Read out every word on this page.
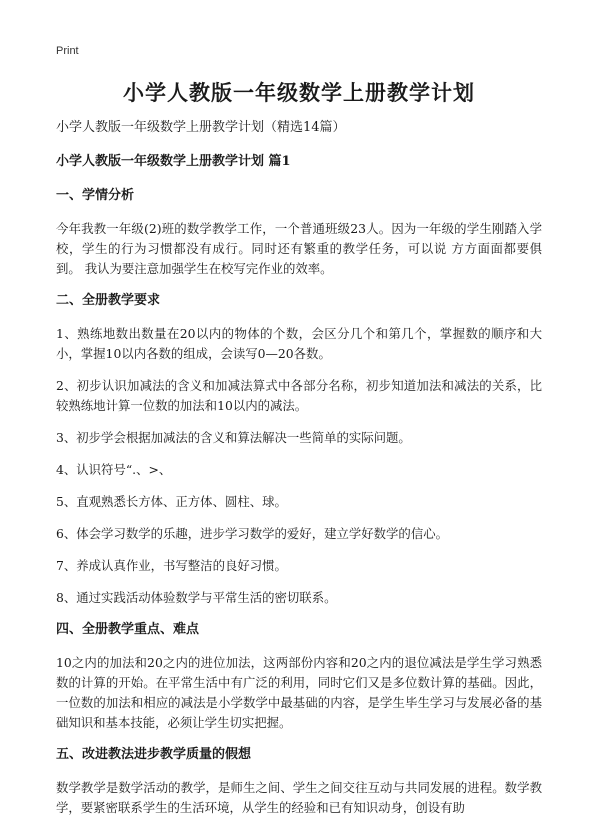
Print
小学人教版一年级数学上册教学计划

小学人教版一年级数学上册教学计划（精选14篇）

小学人教版一年级数学上册教学计划 篇1

一、学情分析

今年我教一年级(2)班的数学教学工作，一个普通班级23人。因为一年级的学生刚踏入学校，学生的行为习惯都没有成行。同时还有繁重的教学任务，可以说 方方面面都要俱到。 我认为要注意加强学生在校写完作业的效率。

二、全册教学要求

1、熟练地数出数量在20以内的物体的个数，会区分几个和第几个，掌握数的顺序和大小，掌握10以内各数的组成，会读写0—20各数。

2、初步认识加减法的含义和加减法算式中各部分名称，初步知道加法和减法的关系，比较熟练地计算一位数的加法和10以内的减法。

3、初步学会根据加减法的含义和算法解决一些简单的实际问题。

4、认识符号“.、>、

5、直观熟悉长方体、正方体、圆柱、球。

6、体会学习数学的乐趣，进步学习数学的爱好，建立学好数学的信心。

7、养成认真作业，书写整洁的良好习惯。

8、通过实践活动体验数学与平常生活的密切联系。

四、全册教学重点、难点

10之内的加法和20之内的进位加法，这两部份内容和20之内的退位减法是学生学习熟悉数的计算的开始。在平常生活中有广泛的利用，同时它们又是多位数计算的基础。因此，一位数的加法和相应的减法是小学数学中最基础的内容，是学生毕生学习与发展必备的基础知识和基本技能，必须让学生切实把握。

五、改进教法进步教学质量的假想

数学教学是数学活动的教学，是师生之间、学生之间交往互动与共同发展的进程。数学教学，要紧密联系学生的生活环境，从学生的经验和已有知识动身，创设有助
